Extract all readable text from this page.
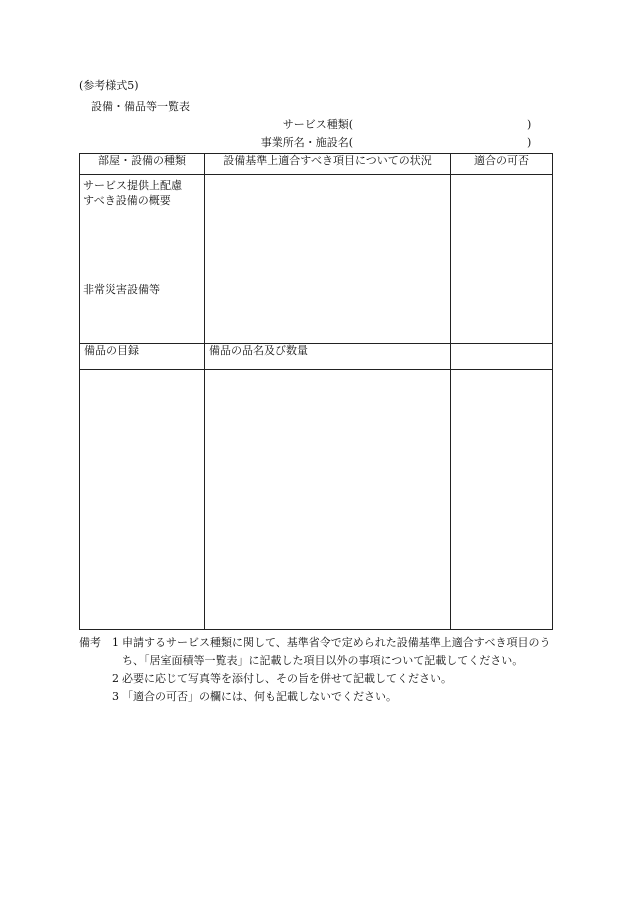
(参考様式5)
設備・備品等一覧表
サービス種類(	)
事業所名・施設名(	)
部屋・設備の種類	設備基準上適合すべき項目についての状況	適合の可否

サービス提供上配慮
すべき設備の概要
非常災害設備等		

備品の目録	備品の品名及び数量	

備考 1 申請するサービス種類に関して、基準省令で定められた設備基準上適合すべき項目のうち、「居室面積等一覧表」に記載した項目以外の事項について記載してください。
2 必要に応じて写真等を添付し、その旨を併せて記載してください。
3 「適合の可否」の欄には、何も記載しないでください。
